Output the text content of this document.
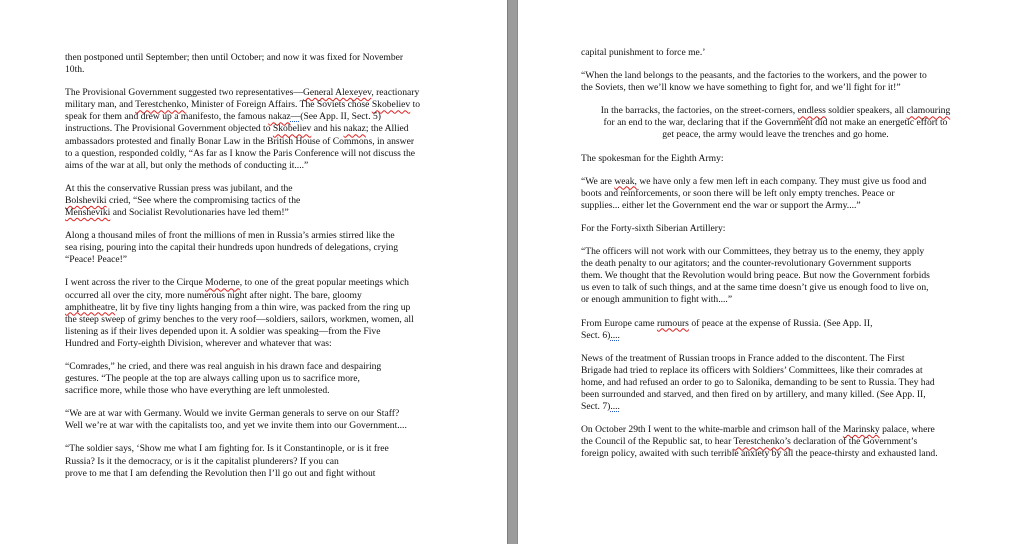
then postponed until September; then until October; and now it was fixed for November
10th.
The Provisional Government suggested two representatives—General Alexeyev, reactionary
military man, and Terestchenko, Minister of Foreign Affairs. The Soviets chose Skobeliev to
speak for them and drew up a manifesto, the famous nakaz—(See App. II, Sect. 5)
instructions. The Provisional Government objected to Skobeliev and his nakaz; the Allied
ambassadors protested and finally Bonar Law in the British House of Commons, in answer
to a question, responded coldly, “As far as I know the Paris Conference will not discuss the
aims of the war at all, but only the methods of conducting it....”
At this the conservative Russian press was jubilant, and the
Bolsheviki cried, “See where the compromising tactics of the
Mensheviki and Socialist Revolutionaries have led them!”
Along a thousand miles of front the millions of men in Russia’s armies stirred like the
sea rising, pouring into the capital their hundreds upon hundreds of delegations, crying
“Peace! Peace!”
I went across the river to the Cirque Moderne, to one of the great popular meetings which
occurred all over the city, more numerous night after night. The bare, gloomy
amphitheatre, lit by five tiny lights hanging from a thin wire, was packed from the ring up
the steep sweep of grimy benches to the very roof—soldiers, sailors, workmen, women, all
listening as if their lives depended upon it. A soldier was speaking—from the Five
Hundred and Forty-eighth Division, wherever and whatever that was:
“Comrades,” he cried, and there was real anguish in his drawn face and despairing
gestures. “The people at the top are always calling upon us to sacrifice more,
sacrifice more, while those who have everything are left unmolested.
“We are at war with Germany. Would we invite German generals to serve on our Staff?
Well we’re at war with the capitalists too, and yet we invite them into our Government....
“The soldier says, ‘Show me what I am fighting for. Is it Constantinople, or is it free
Russia? Is it the democracy, or is it the capitalist plunderers? If you can
prove to me that I am defending the Revolution then I’ll go out and fight without
capital punishment to force me.’
“When the land belongs to the peasants, and the factories to the workers, and the power to
the Soviets, then we’ll know we have something to fight for, and we’ll fight for it!”
In the barracks, the factories, on the street-corners, endless soldier speakers, all clamouring
for an end to the war, declaring that if the Government did not make an energetic effort to
get peace, the army would leave the trenches and go home.
The spokesman for the Eighth Army:
“We are weak, we have only a few men left in each company. They must give us food and
boots and reinforcements, or soon there will be left only empty trenches. Peace or
supplies... either let the Government end the war or support the Army....”
For the Forty-sixth Siberian Artillery:
“The officers will not work with our Committees, they betray us to the enemy, they apply
the death penalty to our agitators; and the counter-revolutionary Government supports
them. We thought that the Revolution would bring peace. But now the Government forbids
us even to talk of such things, and at the same time doesn’t give us enough food to live on,
or enough ammunition to fight with....”
From Europe came rumours of peace at the expense of Russia. (See App. II,
Sect. 6)....
News of the treatment of Russian troops in France added to the discontent. The First
Brigade had tried to replace its officers with Soldiers’ Committees, like their comrades at
home, and had refused an order to go to Salonika, demanding to be sent to Russia. They had
been surrounded and starved, and then fired on by artillery, and many killed. (See App. II,
Sect. 7)....
On October 29th I went to the white-marble and crimson hall of the Marinsky palace, where
the Council of the Republic sat, to hear Terestchenko’s declaration of the Government’s
foreign policy, awaited with such terrible anxiety by all the peace-thirsty and exhausted land.
